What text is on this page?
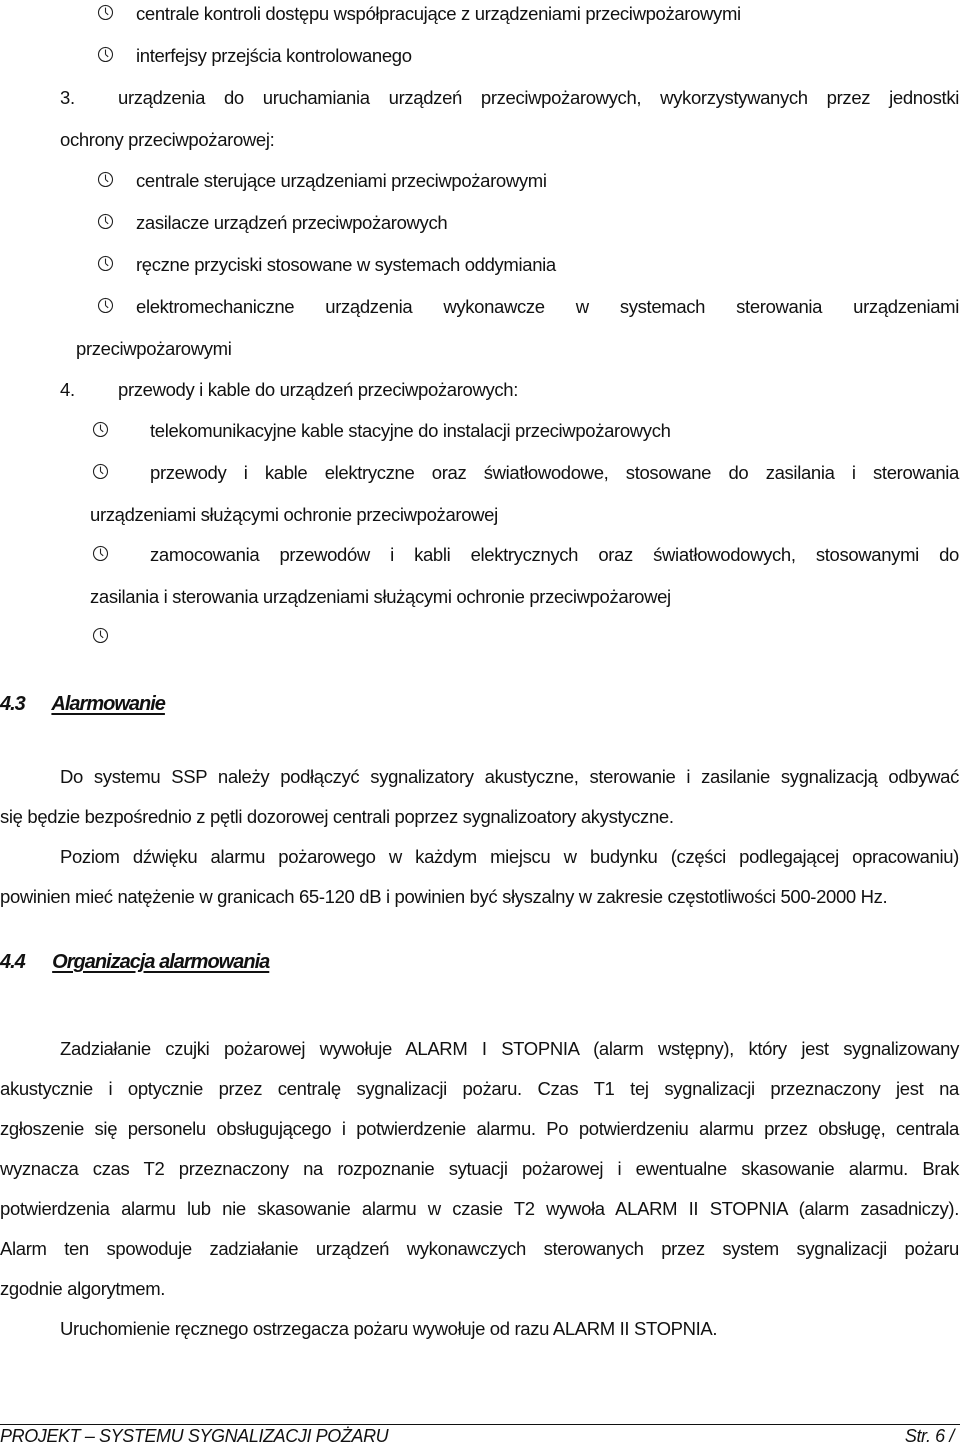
centrale kontroli dostępu współpracujące z urządzeniami przeciwpożarowymi
interfejsy przejścia kontrolowanego
3.	urządzenia do uruchamiania urządzeń przeciwpożarowych, wykorzystywanych przez jednostki
ochrony przeciwpożarowej:
centrale sterujące urządzeniami przeciwpożarowymi
zasilacze urządzeń przeciwpożarowych
ręczne przyciski stosowane w systemach oddymiania
elektromechaniczne urządzenia wykonawcze w systemach sterowania urządzeniami
przeciwpożarowymi
4.	przewody i kable do urządzeń przeciwpożarowych:
telekomunikacyjne kable stacyjne do instalacji przeciwpożarowych
przewody i kable elektryczne oraz światłowodowe, stosowane do zasilania i sterowania
urządzeniami służącymi ochronie przeciwpożarowej
zamocowania przewodów i kabli elektrycznych oraz światłowodowych, stosowanymi do
zasilania i sterowania urządzeniami służącymi ochronie przeciwpożarowej
4.3 Alarmowanie
Do systemu SSP należy podłączyć sygnalizatory akustyczne, sterowanie i zasilanie sygnalizacją odbywać
się będzie bezpośrednio z pętli dozorowej centrali poprzez sygnalizoatory akystyczne.
Poziom dźwięku alarmu pożarowego w każdym miejscu w budynku (części podlegającej opracowaniu)
powinien mieć natężenie w granicach 65-120 dB i powinien być słyszalny w zakresie częstotliwości 500-2000 Hz.
4.4 Organizacja alarmowania
Zadziałanie czujki pożarowej wywołuje ALARM I STOPNIA (alarm wstępny), który jest sygnalizowany
akustycznie i optycznie przez centralę sygnalizacji pożaru. Czas T1 tej sygnalizacji przeznaczony jest na
zgłoszenie się personelu obsługującego i potwierdzenie alarmu. Po potwierdzeniu alarmu przez obsługę, centrala
wyznacza czas T2 przeznaczony na rozpoznanie sytuacji pożarowej i ewentualne skasowanie alarmu. Brak
potwierdzenia alarmu lub nie skasowanie alarmu w czasie T2 wywoła ALARM II STOPNIA (alarm zasadniczy).
Alarm ten spowoduje zadziałanie urządzeń wykonawczych sterowanych przez system sygnalizacji pożaru
zgodnie algorytmem.
Uruchomienie ręcznego ostrzegacza pożaru wywołuje od razu ALARM II STOPNIA.
PROJEKT – SYSTEMU SYGNALIZACJI POŻARU	Str. 6 /
